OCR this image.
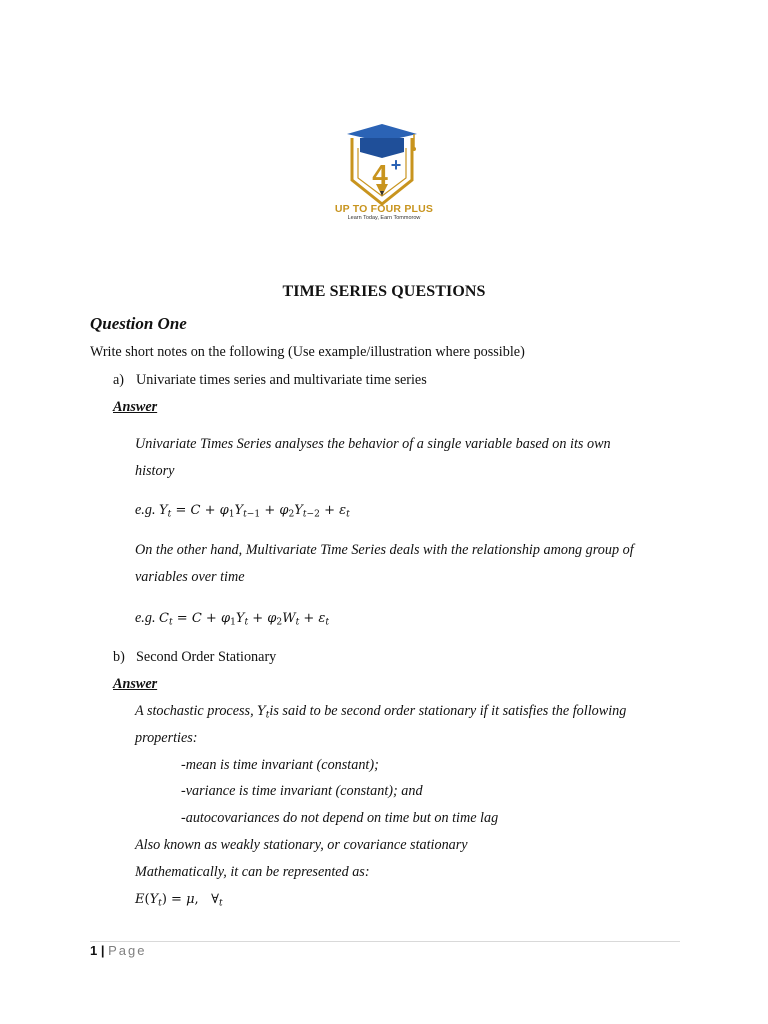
4 +
UP TO FOUR PLUS
Learn Today, Earn Tommorow
TIME SERIES QUESTIONS
Question One
Write short notes on the following (Use example/illustration where possible)
a) Univariate times series and multivariate time series
Answer
Univariate Times Series analyses the behavior of a single variable based on its own
history
e.g. $Y_t = C + \varphi_1Y_{t-1} + \varphi_2Y_{t-2} + \varepsilon_t$
On the other hand, Multivariate Time Series deals with the relationship among group of
variables over time
e.g. $C_t = C + \varphi_1Y_t + \varphi_2W_t + \varepsilon_t$
b) Second Order Stationary
Answer
A stochastic process, $Y_tis$ said to be second order stationary if it satisfies the following
properties:
-mean is time invariant (constant);
-variance is time invariant (constant); and
-autocovariances do not depend on time but on time lag
Also known as weakly stationary, or covariance stationary
Mathematically, it can be represented as:
$E(Y_t) = \mu$, $\forall_t$
1 | Page
